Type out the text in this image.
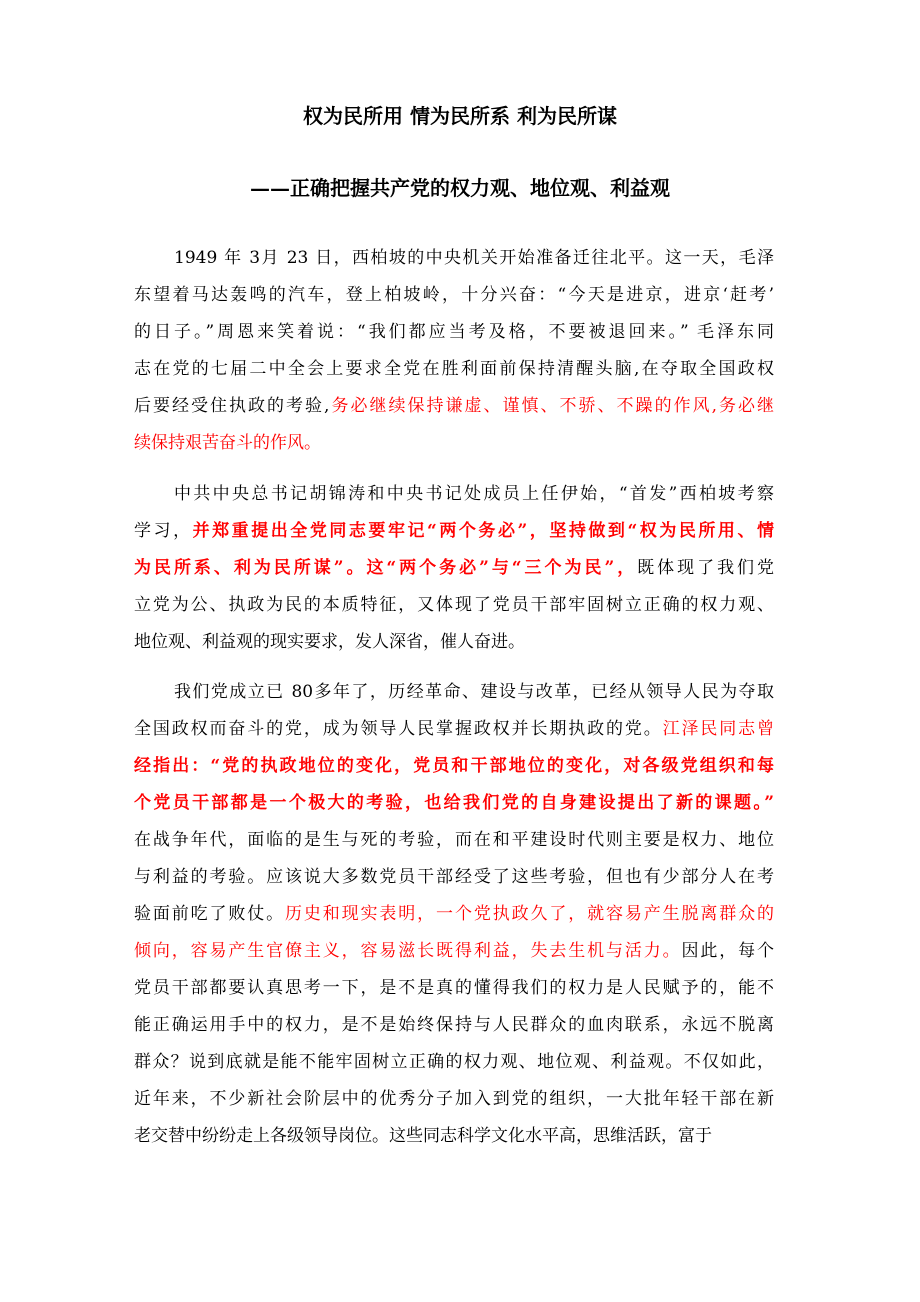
权为民所用 情为民所系 利为民所谋
——正确把握共产党的权力观、地位观、利益观
1949 年 3月 23 日，西柏坡的中央机关开始准备迁往北平。这一天，毛泽
东望着马达轰鸣的汽车，登上柏坡岭，十分兴奋：“今天是进京，进京‘赶考’
的日子。”周恩来笑着说：“我们都应当考及格，不要被退回来。” 毛泽东同
志在党的七届二中全会上要求全党在胜利面前保持清醒头脑,在夺取全国政权
后要经受住执政的考验,务必继续保持谦虚、谨慎、不骄、不躁的作风,务必继
续保持艰苦奋斗的作风。
中共中央总书记胡锦涛和中央书记处成员上任伊始，“首发”西柏坡考察
学习，并郑重提出全党同志要牢记“两个务必”，坚持做到“权为民所用、情
为民所系、利为民所谋”。这“两个务必”与“三个为民”，既体现了我们党
立党为公、执政为民的本质特征，又体现了党员干部牢固树立正确的权力观、
地位观、利益观的现实要求，发人深省，催人奋进。
我们党成立已 80多年了，历经革命、建设与改革，已经从领导人民为夺取
全国政权而奋斗的党，成为领导人民掌握政权并长期执政的党。江泽民同志曾
经指出：“党的执政地位的变化，党员和干部地位的变化，对各级党组织和每
个党员干部都是一个极大的考验，也给我们党的自身建设提出了新的课题。”
在战争年代，面临的是生与死的考验，而在和平建设时代则主要是权力、地位
与利益的考验。应该说大多数党员干部经受了这些考验，但也有少部分人在考
验面前吃了败仗。历史和现实表明，一个党执政久了，就容易产生脱离群众的
倾向，容易产生官僚主义，容易滋长既得利益，失去生机与活力。因此，每个
党员干部都要认真思考一下，是不是真的懂得我们的权力是人民赋予的，能不
能正确运用手中的权力，是不是始终保持与人民群众的血肉联系，永远不脱离
群众？说到底就是能不能牢固树立正确的权力观、地位观、利益观。不仅如此，
近年来，不少新社会阶层中的优秀分子加入到党的组织，一大批年轻干部在新
老交替中纷纷走上各级领导岗位。这些同志科学文化水平高，思维活跃，富于
